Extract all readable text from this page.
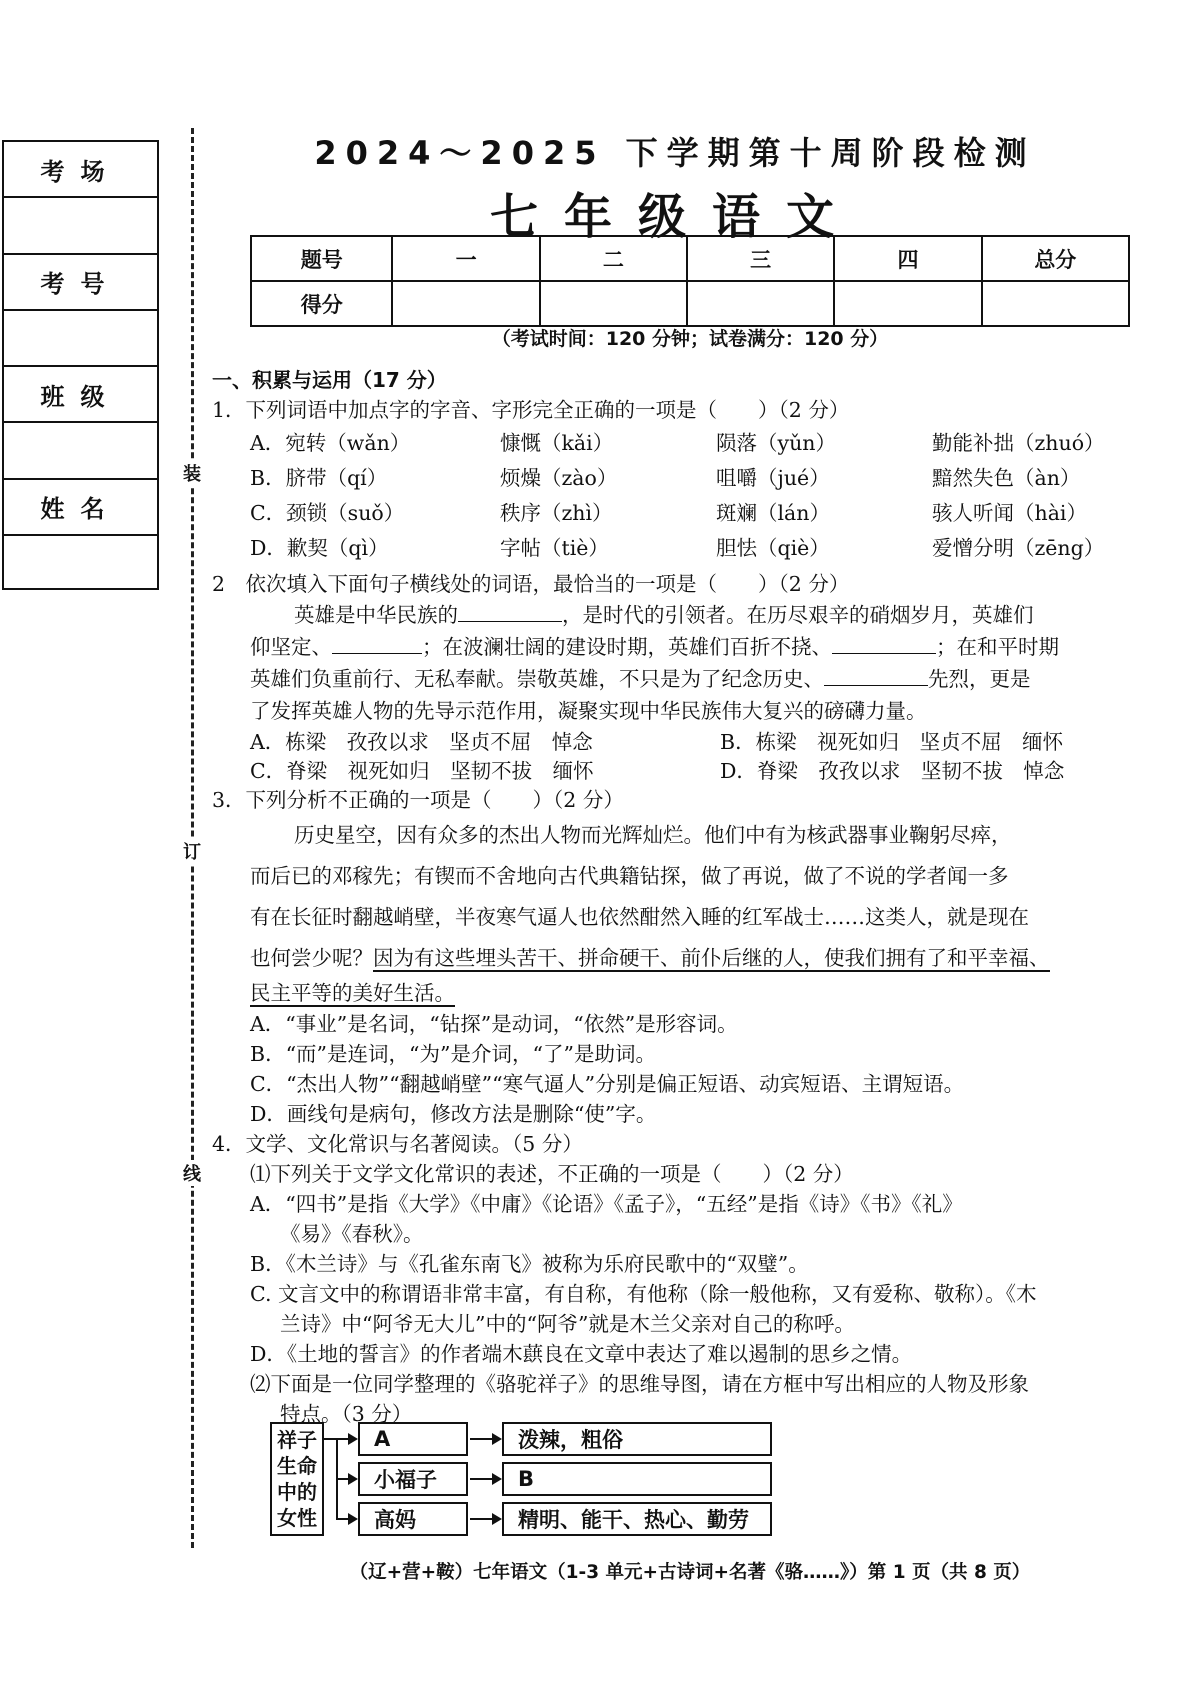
考场
考号
班级
姓名
装
订
线
2024～2025 下学期第十周阶段检测
七年级语文
题号	一	二	三	四	总分
得分					
（考试时间：120 分钟；试卷满分：120 分）
一、积累与运用（17 分）
1．下列词语中加点字的字音、字形完全正确的一项是（　　）（2 分）
A．宛转（wǎn）	慷慨（kǎi）	陨落（yǔn）	勤能补拙（zhuó）
B．脐带（qí）	烦燥（zào）	咀嚼（jué）	黯然失色（àn）
C．颈锁（suǒ）	秩序（zhì）	斑斓（lán）	骇人听闻（hài）
D．歉契（qì）	字帖（tiè）	胆怯（qiè）	爱憎分明（zēng）
2　依次填入下面句子横线处的词语，最恰当的一项是（　　）（2 分）
英雄是中华民族的	，是时代的引领者。在历尽艰辛的硝烟岁月，英雄们
仰坚定、	；在波澜壮阔的建设时期，英雄们百折不挠、	；在和平时期
英雄们负重前行、无私奉献。崇敬英雄，不只是为了纪念历史、	先烈，更是
了发挥英雄人物的先导示范作用，凝聚实现中华民族伟大复兴的磅礴力量。
A．栋梁　孜孜以求　坚贞不屈　悼念	B．栋梁　视死如归　坚贞不屈　缅怀
C．脊梁　视死如归　坚韧不拔　缅怀	D．脊梁　孜孜以求　坚韧不拔　悼念
3．下列分析不正确的一项是（　　）（2 分）
历史星空，因有众多的杰出人物而光辉灿烂。他们中有为核武器事业鞠躬尽瘁，
而后已的邓稼先；有锲而不舍地向古代典籍钻探，做了再说，做了不说的学者闻一多
有在长征时翻越峭壁，半夜寒气逼人也依然酣然入睡的红军战士……这类人，就是现在
也何尝少呢？因为有这些埋头苦干、拼命硬干、前仆后继的人，使我们拥有了和平幸福、
民主平等的美好生活。
A．“事业”是名词，“钻探”是动词，“依然”是形容词。
B．“而”是连词，“为”是介词，“了”是助词。
C．“杰出人物”“翻越峭壁”“寒气逼人”分别是偏正短语、动宾短语、主谓短语。
D．画线句是病句，修改方法是删除“使”字。
4．文学、文化常识与名著阅读。（5 分）
⑴下列关于文学文化常识的表述，不正确的一项是（　　）（2 分）
A．“四书”是指《大学》《中庸》《论语》《孟子》，“五经”是指《诗》《书》《礼》
《易》《春秋》。
B．《木兰诗》与《孔雀东南飞》被称为乐府民歌中的“双璧”。
C. 文言文中的称谓语非常丰富，有自称，有他称（除一般他称，又有爱称、敬称）。《木
兰诗》中“阿爷无大儿”中的“阿爷”就是木兰父亲对自己的称呼。
D．《土地的誓言》的作者端木蕻良在文章中表达了难以遏制的思乡之情。
⑵下面是一位同学整理的《骆驼祥子》的思维导图，请在方框中写出相应的人物及形象
特点。（3 分）
祥子
生命
中的
女性
A
小福子
高妈
泼辣，粗俗
B
精明、能干、热心、勤劳
（辽+营+鞍）七年语文（1-3 单元+古诗词+名著《骆……》）第 1 页（共 8 页）
